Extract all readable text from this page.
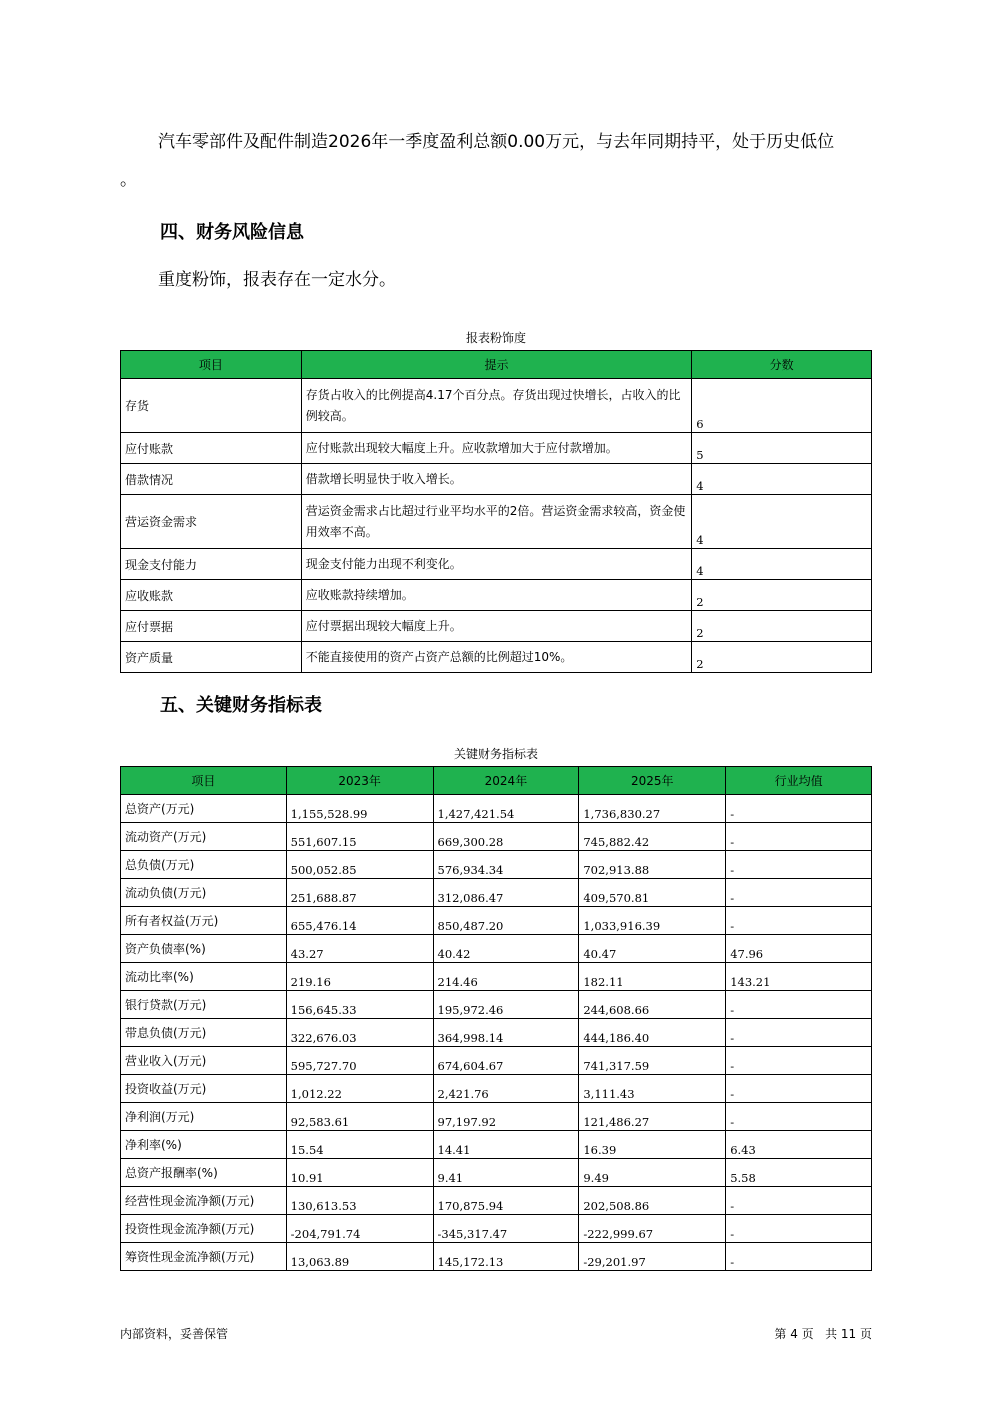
汽车零部件及配件制造2026年一季度盈利总额0.00万元，与去年同期持平，处于历史低位
。
四、财务风险信息
重度粉饰，报表存在一定水分。
报表粉饰度
项目	提示	分数
存货	存货占收入的比例提高4.17个百分点。存货出现过快增长，占收入的比例较高。	6
应付账款	应付账款出现较大幅度上升。应收款增加大于应付款增加。	5
借款情况	借款增长明显快于收入增长。	4
营运资金需求	营运资金需求占比超过行业平均水平的2倍。营运资金需求较高，资金使用效率不高。	4
现金支付能力	现金支付能力出现不利变化。	4
应收账款	应收账款持续增加。	2
应付票据	应付票据出现较大幅度上升。	2
资产质量	不能直接使用的资产占资产总额的比例超过10%。	2
五、关键财务指标表
关键财务指标表
项目	2023年	2024年	2025年	行业均值
总资产(万元)	1,155,528.99	1,427,421.54	1,736,830.27	-
流动资产(万元)	551,607.15	669,300.28	745,882.42	-
总负债(万元)	500,052.85	576,934.34	702,913.88	-
流动负债(万元)	251,688.87	312,086.47	409,570.81	-
所有者权益(万元)	655,476.14	850,487.20	1,033,916.39	-
资产负债率(%)	43.27	40.42	40.47	47.96
流动比率(%)	219.16	214.46	182.11	143.21
银行贷款(万元)	156,645.33	195,972.46	244,608.66	-
带息负债(万元)	322,676.03	364,998.14	444,186.40	-
营业收入(万元)	595,727.70	674,604.67	741,317.59	-
投资收益(万元)	1,012.22	2,421.76	3,111.43	-
净利润(万元)	92,583.61	97,197.92	121,486.27	-
净利率(%)	15.54	14.41	16.39	6.43
总资产报酬率(%)	10.91	9.41	9.49	5.58
经营性现金流净额(万元)	130,613.53	170,875.94	202,508.86	-
投资性现金流净额(万元)	-204,791.74	-345,317.47	-222,999.67	-
筹资性现金流净额(万元)	13,063.89	145,172.13	-29,201.97	-
内部资料，妥善保管	第 4 页   共 11 页
